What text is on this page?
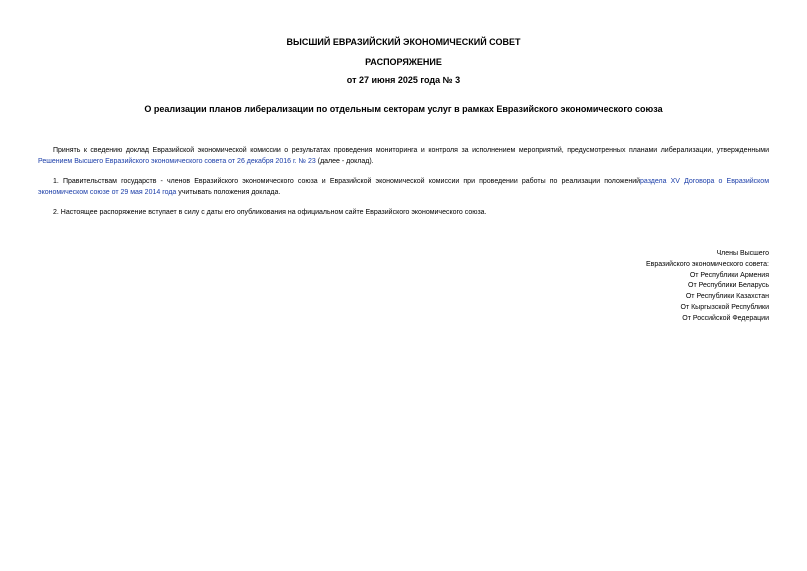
ВЫСШИЙ ЕВРАЗИЙСКИЙ ЭКОНОМИЧЕСКИЙ СОВЕТ
РАСПОРЯЖЕНИЕ
от 27 июня 2025 года № 3
О реализации планов либерализации по отдельным секторам услуг в рамках Евразийского экономического союза
Принять к сведению доклад Евразийской экономической комиссии о результатах проведения мониторинга и контроля за исполнением мероприятий, предусмотренных планами либерализации, утвержденными Решением Высшего Евразийского экономического совета от 26 декабря 2016 г. № 23 (далее - доклад).
1. Правительствам государств - членов Евразийского экономического союза и Евразийской экономической комиссии при проведении работы по реализации положенийраздела XV Договора о Евразийском экономическом союзе от 29 мая 2014 года учитывать положения доклада.
2. Настоящее распоряжение вступает в силу с даты его опубликования на официальном сайте Евразийского экономического союза.
Члены Высшего
Евразийского экономического совета:
От Республики Армения
От Республики Беларусь
От Республики Казахстан
От Кыргызской Республики
От Российской Федерации
